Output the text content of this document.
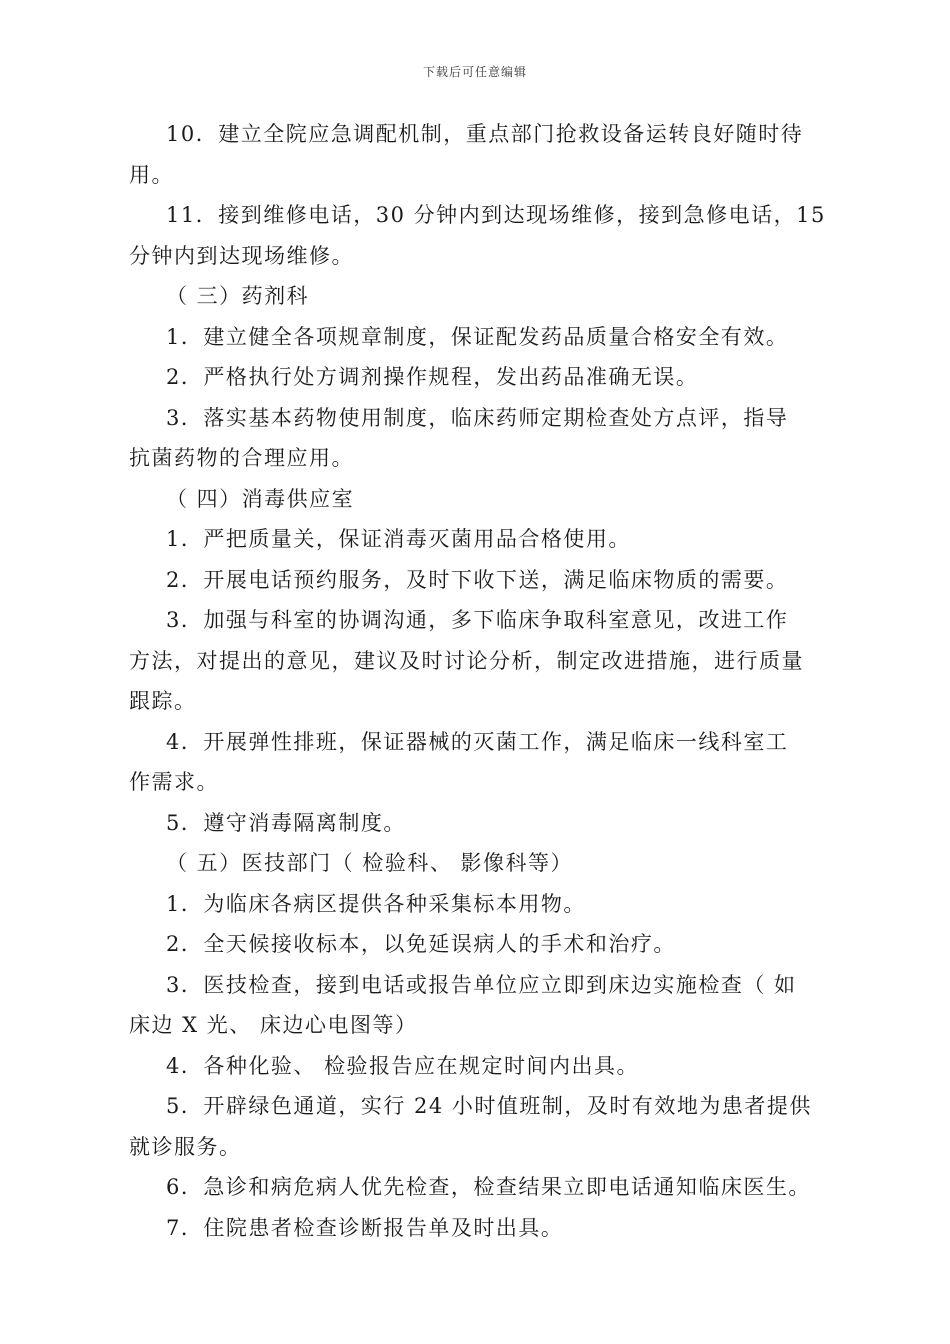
下载后可任意编辑
10．建立全院应急调配机制，重点部门抢救设备运转良好随时待
用。
11．接到维修电话，30 分钟内到达现场维修，接到急修电话，15
分钟内到达现场维修。
（ 三）药剂科
1．建立健全各项规章制度，保证配发药品质量合格安全有效。
2．严格执行处方调剂操作规程，发出药品准确无误。
3．落实基本药物使用制度，临床药师定期检查处方点评，指导
抗菌药物的合理应用。
（ 四）消毒供应室
1．严把质量关，保证消毒灭菌用品合格使用。
2．开展电话预约服务，及时下收下送，满足临床物质的需要。
3．加强与科室的协调沟通，多下临床争取科室意见，改进工作
方法，对提出的意见，建议及时讨论分析，制定改进措施，进行质量
跟踪。
4．开展弹性排班，保证器械的灭菌工作，满足临床一线科室工
作需求。
5．遵守消毒隔离制度。
（ 五）医技部门（ 检验科、 影像科等）
1．为临床各病区提供各种采集标本用物。
2．全天候接收标本，以免延误病人的手术和治疗。
3．医技检查，接到电话或报告单位应立即到床边实施检查（ 如
床边 X 光、 床边心电图等）
4．各种化验、 检验报告应在规定时间内出具。
5．开辟绿色通道，实行 24 小时值班制，及时有效地为患者提供
就诊服务。
6．急诊和病危病人优先检查，检查结果立即电话通知临床医生。
7．住院患者检查诊断报告单及时出具。
